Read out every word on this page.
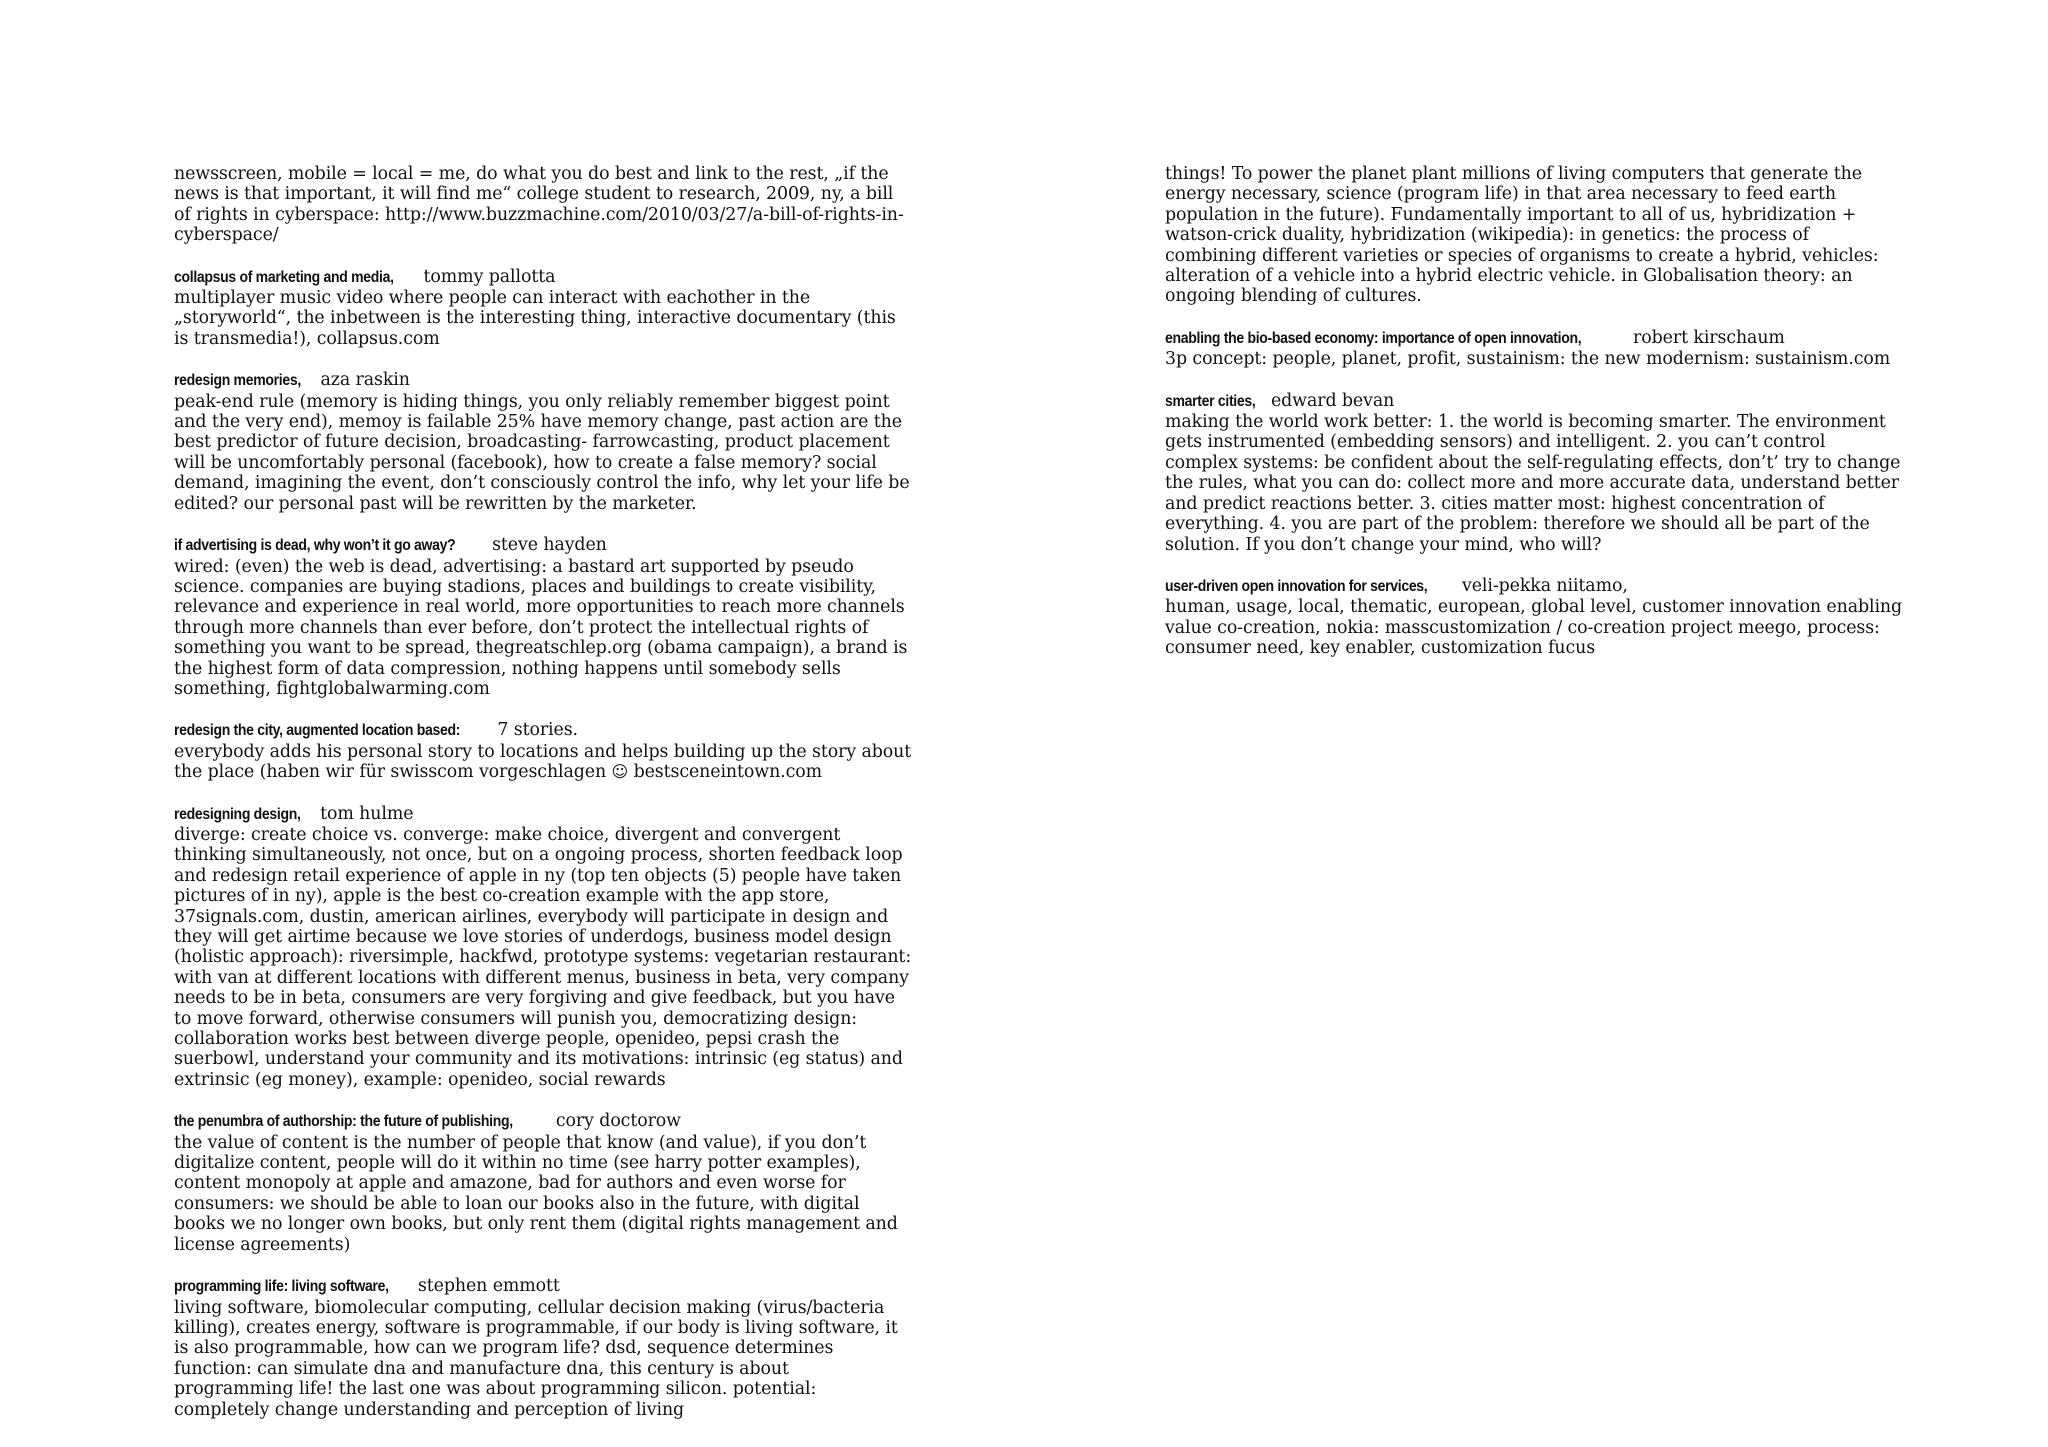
newsscreen, mobile = local = me, do what you do best and link to the rest, „if the news is that important, it will find me“ college student to research, 2009, ny, a bill of rights in cyberspace: http://www.buzzmachine.com/2010/03/27/a-bill-of-rights-in-cyberspace/

collapsus of marketing and media, tommy pallotta

multiplayer music video where people can interact with eachother in the „storyworld“, the inbetween is the interesting thing, interactive documentary (this is transmedia!), collapsus.com

redesign memories, aza raskin

peak-end rule (memory is hiding things, you only reliably remember biggest point and the very end), memoy is failable 25% have memory change, past action are the best predictor of future decision, broadcasting- farrowcasting, product placement will be uncomfortably personal (facebook), how to create a false memory? social demand, imagining the event, don’t consciously control the info, why let your life be edited? our personal past will be rewritten by the marketer.

if advertising is dead, why won’t it go away? steve hayden

wired: (even) the web is dead, advertising: a bastard art supported by pseudo science. companies are buying stadions, places and buildings to create visibility, relevance and experience in real world, more opportunities to reach more channels through more channels than ever before, don’t protect the intellectual rights of something you want to be spread, thegreatschlep.org (obama campaign), a brand is the highest form of data compression, nothing happens until somebody sells something, fightglobalwarming.com

redesign the city, augmented location based: 7 stories.

everybody adds his personal story to locations and helps building up the story about the place (haben wir für swisscom vorgeschlagen ☺ bestsceneintown.com

redesigning design, tom hulme

diverge: create choice vs. converge: make choice, divergent and convergent thinking simultaneously, not once, but on a ongoing process, shorten feedback loop and redesign retail experience of apple in ny (top ten objects (5) people have taken pictures of in ny), apple is the best co-creation example with the app store, 37signals.com, dustin, american airlines, everybody will participate in design and they will get airtime because we love stories of underdogs, business model design (holistic approach): riversimple, hackfwd, prototype systems: vegetarian restaurant: with van at different locations with different menus, business in beta, very company needs to be in beta, consumers are very forgiving and give feedback, but you have to move forward, otherwise consumers will punish you, democratizing design: collaboration works best between diverge people, openideo, pepsi crash the suerbowl, understand your community and its motivations: intrinsic (eg status) and extrinsic (eg money), example: openideo, social rewards

the penumbra of authorship: the future of publishing, cory doctorow

the value of content is the number of people that know (and value), if you don’t digitalize content, people will do it within no time (see harry potter examples), content monopoly at apple and amazone, bad for authors and even worse for consumers: we should be able to loan our books also in the future, with digital books we no longer own books, but only rent them (digital rights management and license agreements)

programming life: living software, stephen emmott

living software, biomolecular computing, cellular decision making (virus/bacteria killing), creates energy, software is programmable, if our body is living software, it is also programmable, how can we program life? dsd, sequence determines function: can simulate dna and manufacture dna, this century is about programming life! the last one was about programming silicon. potential: completely change understanding and perception of living

things! To power the planet plant millions of living computers that generate the energy necessary, science (program life) in that area necessary to feed earth population in the future). Fundamentally important to all of us, hybridization + watson-crick duality, hybridization (wikipedia): in genetics: the process of combining different varieties or species of organisms to create a hybrid, vehicles: alteration of a vehicle into a hybrid electric vehicle. in Globalisation theory: an ongoing blending of cultures.

enabling the bio-based economy: importance of open innovation,	robert kirschaum

3p concept: people, planet, profit, sustainism: the new modernism: sustainism.com

smarter cities, edward bevan

making the world work better: 1. the world is becoming smarter. The environment gets instrumented (embedding sensors) and intelligent. 2. you can’t control complex systems: be confident about the self-regulating effects, don’t’ try to change the rules, what you can do: collect more and more accurate data, understand better and predict reactions better. 3. cities matter most: highest concentration of everything. 4. you are part of the problem: therefore we should all be part of the solution. If you don’t change your mind, who will?

user-driven open innovation for services, veli-pekka niitamo,

human, usage, local, thematic, european, global level, customer innovation enabling value co-creation, nokia: masscustomization / co-creation project meego, process: consumer need, key enabler, customization fucus
